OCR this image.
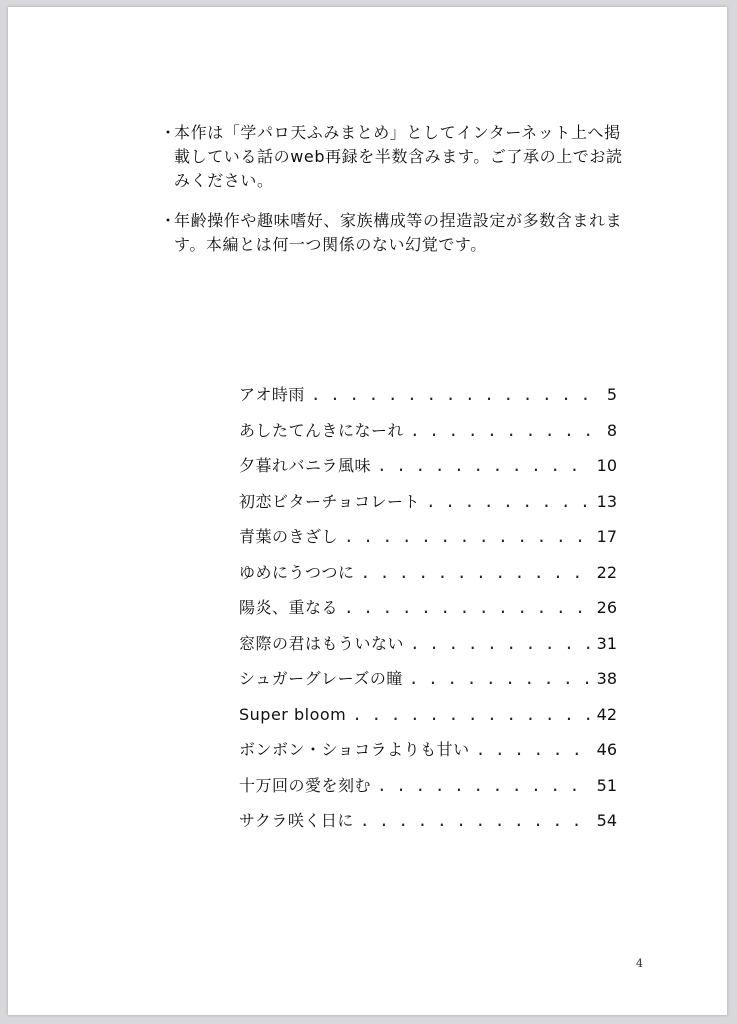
・
本作は「学パロ天ふみまとめ」としてインターネット上へ掲載している話のweb再録を半数含みます。ご了承の上でお読みください。
・
年齢操作や趣味嗜好、家族構成等の捏造設定が多数含まれます。本編とは何一つ関係のない幻覚です。
アオ時雨 . . .	5
あしたてんきになーれ . . .	8
夕暮れバニラ風味 . . .	10
初恋ビターチョコレート . . .	13
青葉のきざし . . .	17
ゆめにうつつに . . .	22
陽炎、重なる . . .	26
窓際の君はもういない . . .	31
シュガーグレーズの瞳 . . .	38
Super bloom . . .	42
ボンボン・ショコラよりも甘い . . .	46
十万回の愛を刻む . . .	51
サクラ咲く日に . . .	54
4
